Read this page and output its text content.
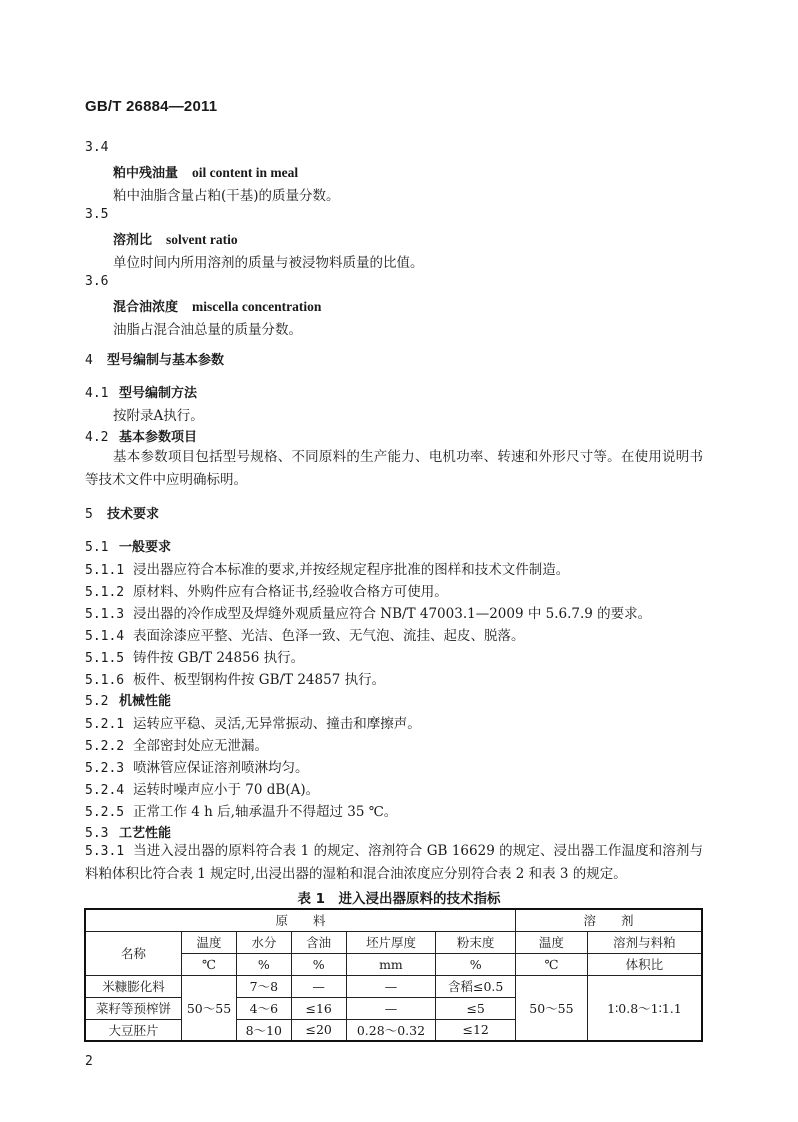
GB/T 26884—2011
3.4
粕中残油量 oil content in meal
粕中油脂含量占粕(干基)的质量分数。
3.5
溶剂比 solvent ratio
单位时间内所用溶剂的质量与被浸物料质量的比值。
3.6
混合油浓度 miscella concentration
油脂占混合油总量的质量分数。
4 型号编制与基本参数
4.1 型号编制方法
按附录A执行。
4.2 基本参数项目
基本参数项目包括型号规格、不同原料的生产能力、电机功率、转速和外形尺寸等。在使用说明书等技术文件中应明确标明。
5 技术要求
5.1 一般要求
5.1.1 浸出器应符合本标准的要求,并按经规定程序批准的图样和技术文件制造。
5.1.2 原材料、外购件应有合格证书,经验收合格方可使用。
5.1.3 浸出器的冷作成型及焊缝外观质量应符合 NB/T 47003.1—2009 中 5.6.7.9 的要求。
5.1.4 表面涂漆应平整、光洁、色泽一致、无气泡、流挂、起皮、脱落。
5.1.5 铸件按 GB/T 24856 执行。
5.1.6 板件、板型钢构件按 GB/T 24857 执行。
5.2 机械性能
5.2.1 运转应平稳、灵活,无异常振动、撞击和摩擦声。
5.2.2 全部密封处应无泄漏。
5.2.3 喷淋管应保证溶剂喷淋均匀。
5.2.4 运转时噪声应小于 70 dB(A)。
5.2.5 正常工作 4 h 后,轴承温升不得超过 35 ℃。
5.3 工艺性能
5.3.1 当进入浸出器的原料符合表 1 的规定、溶剂符合 GB 16629 的规定、浸出器工作温度和溶剂与料粕体积比符合表 1 规定时,出浸出器的湿粕和混合油浓度应分别符合表 2 和表 3 的规定。
表 1　进入浸出器原料的技术指标
原　　料						溶　　剂	
名称	温度	水分	含油	坯片厚度	粉末度	温度	溶剂与料粕
	℃	%	%	mm	%	℃	体积比
米糠膨化料	50～55	7～8	—	—	含稻≤0.5	50～55	1∶0.8～1∶1.1
菜籽等预榨饼		4～6	≤16	—	≤5		
大豆胚片		8～10	≤20	0.28～0.32	≤12		
2
